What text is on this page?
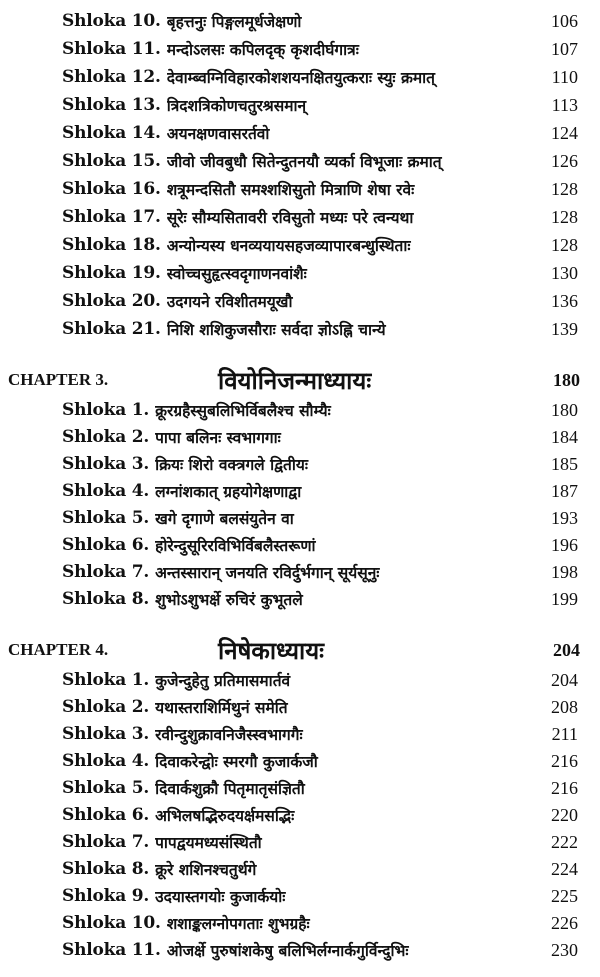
Shloka 10. बृहत्तनुः पिङ्गलमूर्धजेक्षणो	106
Shloka 11. मन्दोऽलसः कपिलदृक् कृशदीर्घगात्रः	107
Shloka 12. देवाम्ब्वग्निविहारकोशशयनक्षितयुत्कराः स्युः क्रमात्	110
Shloka 13. त्रिदशत्रिकोणचतुरश्रसमान्	113
Shloka 14. अयनक्षणवासरर्तवो	124
Shloka 15. जीवो जीवबुधौ सितेन्दुतनयौ व्यर्का विभूजाः क्रमात्	126
Shloka 16. शत्रूमन्दसितौ समश्शशिसुतो मित्राणि शेषा रवेः	128
Shloka 17. सूरेः सौम्यसितावरी रविसुतो मध्यः परे त्वन्यथा	128
Shloka 18. अन्योन्यस्य धनव्ययायसहजव्यापारबन्धुस्थिताः	128
Shloka 19. स्वोच्चसुहृत्स्वदृगाणनवांशैः	130
Shloka 20. उदगयने रविशीतमयूखौ	136
Shloka 21. निशि शशिकुजसौराः सर्वदा ज्ञोऽह्नि चान्ये	139
CHAPTER 3.	वियोनिजन्माध्यायः	180
Shloka 1. क्रूरग्रहैस्सुबलिभिर्विबलैश्च सौम्यैः	180
Shloka 2. पापा बलिनः स्वभागगाः	184
Shloka 3. क्रियः शिरो वक्त्रगले द्वितीयः	185
Shloka 4. लग्नांशकात् ग्रहयोगेक्षणाद्वा	187
Shloka 5. खगे दृगाणे बलसंयुतेन वा	193
Shloka 6. होरेन्दुसूरिरविभिर्विबलैस्तरूणां	196
Shloka 7. अन्तस्सारान् जनयति रविर्दुर्भगान् सूर्यसूनुः	198
Shloka 8. शुभोऽशुभर्क्षे रुचिरं कुभूतले	199
CHAPTER 4.	निषेकाध्यायः	204
Shloka 1. कुजेन्दुहेतु प्रतिमासमार्तवं	204
Shloka 2. यथास्तराशिर्मिथुनं समेति	208
Shloka 3. रवीन्दुशुक्रावनिजैस्स्वभागगैः	211
Shloka 4. दिवाकरेन्द्वोः स्मरगौ कुजार्कजौ	216
Shloka 5. दिवार्कशुक्रौ पितृमातृसंज्ञितौ	216
Shloka 6. अभिलषद्भिरुदयर्क्षमसद्भिः	220
Shloka 7. पापद्वयमध्यसंस्थितौ	222
Shloka 8. क्रूरे शशिनश्चतुर्थगे	224
Shloka 9. उदयास्तगयोः कुजार्कयोः	225
Shloka 10. शशाङ्कलग्नोपगताः शुभग्रहैः	226
Shloka 11. ओजर्क्षे पुरुषांशकेषु बलिभिर्लग्नार्कगुर्विन्दुभिः	230
